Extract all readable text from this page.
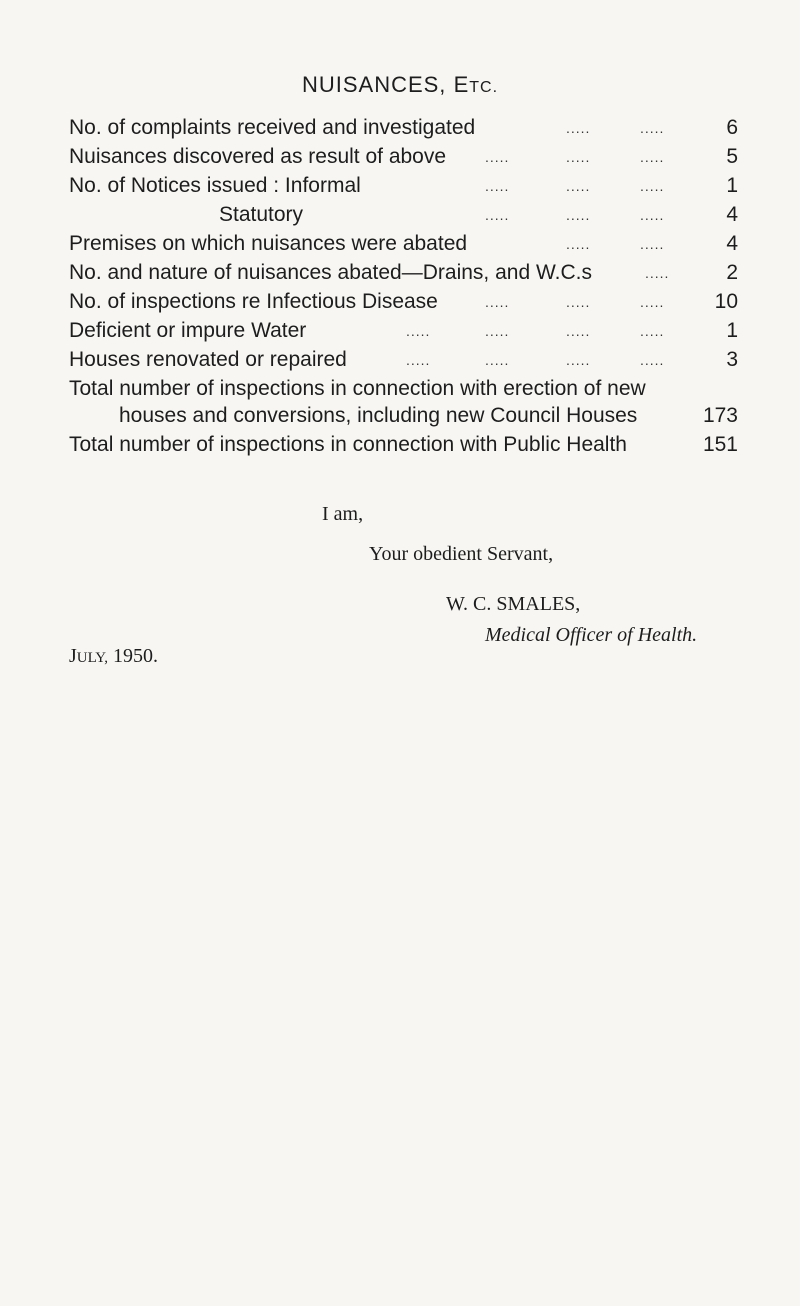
NUISANCES, ETC.
No. of complaints received and investigated	.....	.....	6
Nuisances discovered as result of above	.....	.....	.....	5
No. of Notices issued : Informal	.....	.....	.....	1
Statutory	.....	.....	.....	4
Premises on which nuisances were abated	.....	.....	4
No. and nature of nuisances abated—Drains, and W.C.s	.....	2
No. of inspections re Infectious Disease	.....	.....	..... 10
Deficient or impure Water	.....	.....	.....	.....	1
Houses renovated or repaired	.....	.....	.....	.....	3
Total number of inspections in connection with erection of new
houses and conversions, including new Council Houses	173
Total number of inspections in connection with Public Health	151
I am,
Your obedient Servant,
W. C. SMALES,
Medical Officer of Health.
JULY, 1950.
